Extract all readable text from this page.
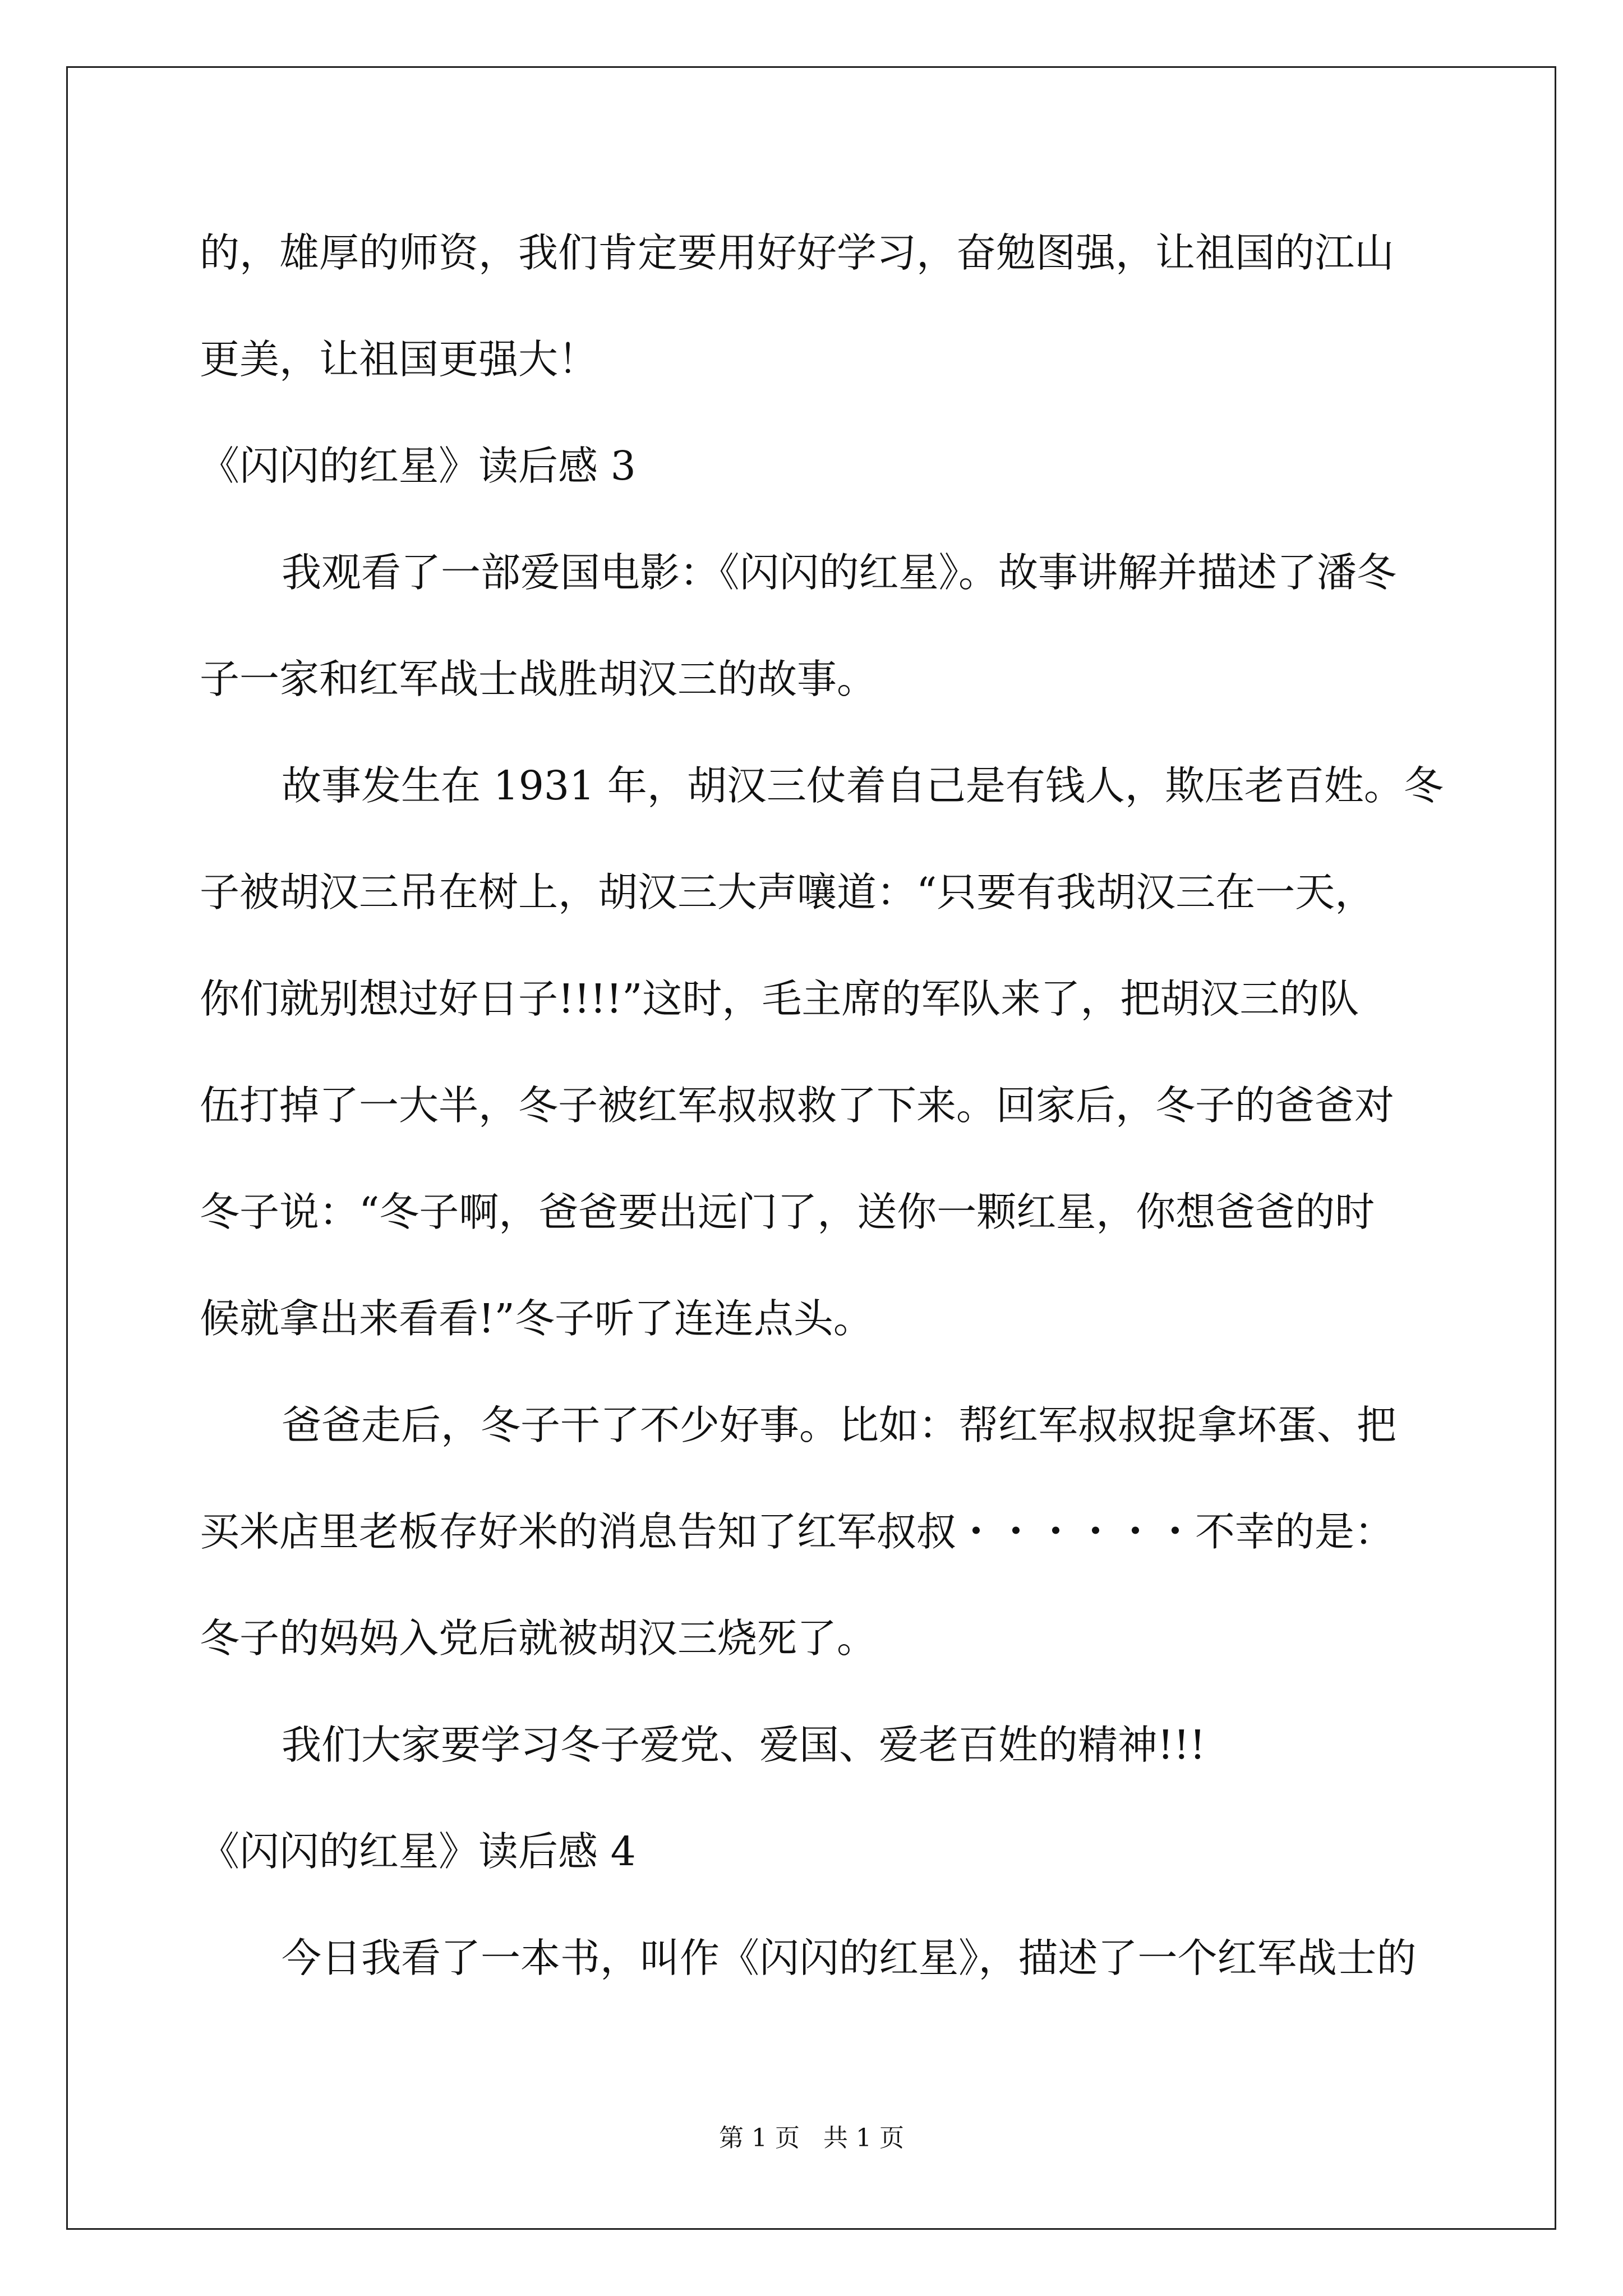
的，雄厚的师资，我们肯定要用好好学习，奋勉图强，让祖国的江山
更美，让祖国更强大！
《闪闪的红星》读后感 3
我观看了一部爱国电影：《闪闪的红星》。故事讲解并描述了潘冬
子一家和红军战士战胜胡汉三的故事。
故事发生在 1931 年，胡汉三仗着自己是有钱人，欺压老百姓。冬
子被胡汉三吊在树上，胡汉三大声嚷道：“只要有我胡汉三在一天，
你们就别想过好日子!!!!”这时，毛主席的军队来了，把胡汉三的队
伍打掉了一大半，冬子被红军叔叔救了下来。回家后，冬子的爸爸对
冬子说：“冬子啊，爸爸要出远门了，送你一颗红星，你想爸爸的时
候就拿出来看看!”冬子听了连连点头。
爸爸走后，冬子干了不少好事。比如：帮红军叔叔捉拿坏蛋、把
买米店里老板存好米的消息告知了红军叔叔・・・・・・不幸的是：
冬子的妈妈入党后就被胡汉三烧死了。
我们大家要学习冬子爱党、爱国、爱老百姓的精神!!!
《闪闪的红星》读后感 4
今日我看了一本书，叫作《闪闪的红星》，描述了一个红军战士的
第 1 页 共 1 页
